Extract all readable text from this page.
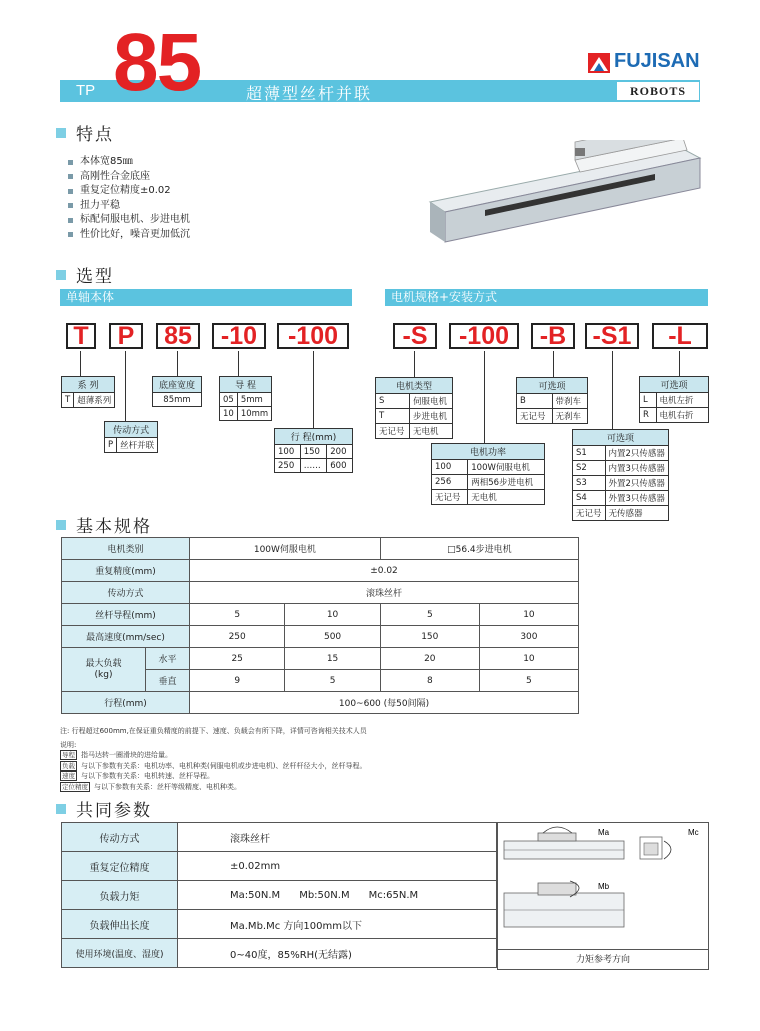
TP 85	超薄型丝杆并联
FUJISAN
ROBOTS
特点
本体宽85㎜
高刚性合金底座
重复定位精度±0.02
扭力平稳
标配伺服电机、步进电机
性价比好，噪音更加低沉
选型
单轴本体	电机规格+安装方式
T	P	85	-10	-100	-S	-100	-B	-S1	-L
系 列
T	超薄系列
传动方式
P	丝杆并联
底座宽度
85mm
导 程	
05	5mm
10	10mm
行 程(mm)		
100	150	200
250	……	600
电机类型	
S	伺服电机
T	步进电机
无记号	无电机
电机功率	
100	100W伺服电机
256	两相56步进电机
无记号	无电机
可选项	
B	带刹车
无记号	无刹车
可选项	
S1	内置2只传感器
S2	内置3只传感器
S3	外置2只传感器
S4	外置3只传感器
无记号	无传感器
可选项	
L	电机左折
R	电机右折
基本规格
电机类别		100W伺服电机		□56.4步进电机	
重复精度(mm)		±0.02			
传动方式		滚珠丝杆			
丝杆导程(mm)		5	10	5	10
最高速度(mm/sec)		250	500	150	300
最大负载
(kg)	水平	25	15	20	10
	垂直	9	5	8	5
行程(mm)		100~600 (每50间隔)			
注: 行程超过600mm,在保证重负精度的前提下、速度、负载会有所下降，详情可咨询相关技术人员
说明:
导程 指马达转一圈滑块的进给量。
负载 与以下参数有关系：电机功率、电机种类(伺服电机或步进电机)、丝杆杆径大小，丝杆导程。
速度 与以下参数有关系：电机转速、丝杆导程。
定位精度 与以下参数有关系：丝杆等级精度、电机种类。
共同参数
传动方式	滚珠丝杆
重复定位精度	±0.02mm
负载力矩	Ma:50N.M      Mb:50N.M      Mc:65N.M
负载伸出长度	Ma.Mb.Mc 方向100mm以下
使用环境(温度、湿度)	0~40度，85%RH(无结露)
Ma	Mc
Mb
力矩参考方向
